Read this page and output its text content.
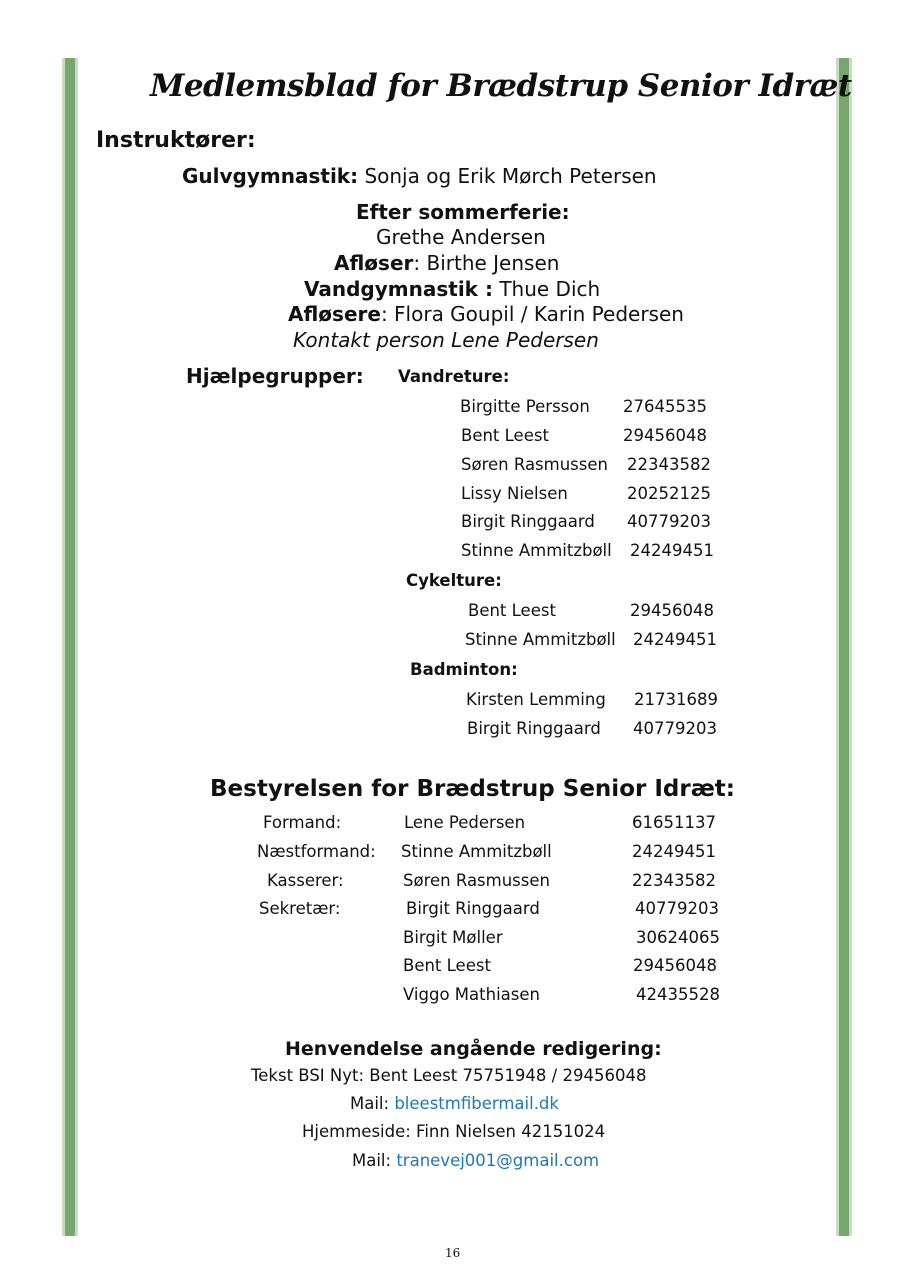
Medlemsblad for Brædstrup Senior Idræt
Instruktører:
Gulvgymnastik: Sonja og Erik Mørch Petersen
Efter sommerferie:
Grethe Andersen
Afløser: Birthe Jensen
Vandgymnastik : Thue Dich
Afløsere: Flora Goupil / Karin Pedersen
Kontakt person Lene Pedersen
Hjælpegrupper: Vandreture:
Birgitte Persson 27645535
Bent Leest	29456048
Søren Rasmussen 22343582
Lissy Nielsen	20252125
Birgit Ringgaard 40779203
Stinne Ammitzbøll 24249451
Cykelture:
Bent Leest	29456048
Stinne Ammitzbøll 24249451
Badminton:
Kirsten Lemming 21731689
Birgit Ringgaard 40779203
Bestyrelsen for Brædstrup Senior Idræt:
Formand:	Lene Pedersen	61651137
Næstformand: Stinne Ammitzbøll	24249451
Kasserer:	Søren Rasmussen	22343582
Sekretær:	Birgit Ringgaard	40779203
Birgit Møller	30624065
Bent Leest	29456048
Viggo Mathiasen	42435528
Henvendelse angående redigering:
Tekst BSI Nyt: Bent Leest 75751948 / 29456048
Mail: bleestmfibermail.dk
Hjemmeside: Finn Nielsen 42151024
Mail: tranevej001@gmail.com
16
